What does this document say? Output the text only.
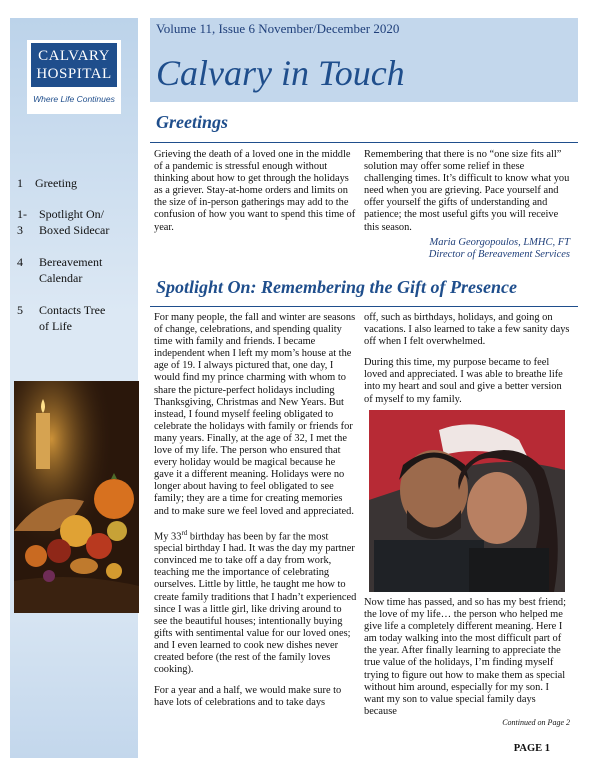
CALVARY
HOSPITAL
Where Life Continues
1 Greeting
1-3
Spotlight On/ Boxed Sidecar
4 Bereavement Calendar
5 Contacts Tree of Life
Volume 11, Issue 6 November/December 2020
Calvary in Touch
Greetings

Grieving the death of a loved one in the middle of a pandemic is stressful enough without thinking about how to get through the holidays as a griever. Stay-at-home orders and limits on the size of in-person gatherings may add to the confusion of how you want to spend this time of year.

Remembering that there is no “one size fits all” solution may offer some relief in these challenging times. It’s difficult to know what you need when you are grieving. Pace yourself and offer yourself the gifts of understanding and patience; the most useful gifts you will receive this season.

Maria Georgopoulos, LMHC, FT
Director of Bereavement Services
Spotlight On: Remembering the Gift of Presence

For many people, the fall and winter are seasons of change, celebrations, and spending quality time with family and friends. I became independent when I left my mom’s house at the age of 19. I always pictured that, one day, I would find my prince charming with whom to share the picture-perfect holidays including Thanksgiving, Christmas and New Years. But instead, I found myself feeling obligated to celebrate the holidays with family or friends for many years. Finally, at the age of 32, I met the love of my life. The person who ensured that every holiday would be magical because he gave it a different meaning. Holidays were no longer about having to feel obligated to see family; they are a time for creating memories and to make sure we feel loved and appreciated.

My 33rd birthday has been by far the most special birthday I had. It was the day my partner convinced me to take off a day from work, teaching me the importance of celebrating ourselves. Little by little, he taught me how to create family traditions that I hadn’t experienced since I was a little girl, like driving around to see the beautiful houses; intentionally buying gifts with sentimental value for our loved ones; and I even learned to cook new dishes never created before (the rest of the family loves cooking).

For a year and a half, we would make sure to have lots of celebrations and to take days

off, such as birthdays, holidays, and going on vacations. I also learned to take a few sanity days off when I felt overwhelmed.

During this time, my purpose became to feel loved and appreciated. I was able to breathe life into my heart and soul and give a better version of myself to my family.

Now time has passed, and so has my best friend; the love of my life… the person who helped me give life a completely different meaning. Here I am today walking into the most difficult part of the year. After finally learning to appreciate the true value of the holidays, I’m finding myself trying to figure out how to make them as special without him around, especially for my son. I want my son to value special family days because

Continued on Page 2
PAGE 1
